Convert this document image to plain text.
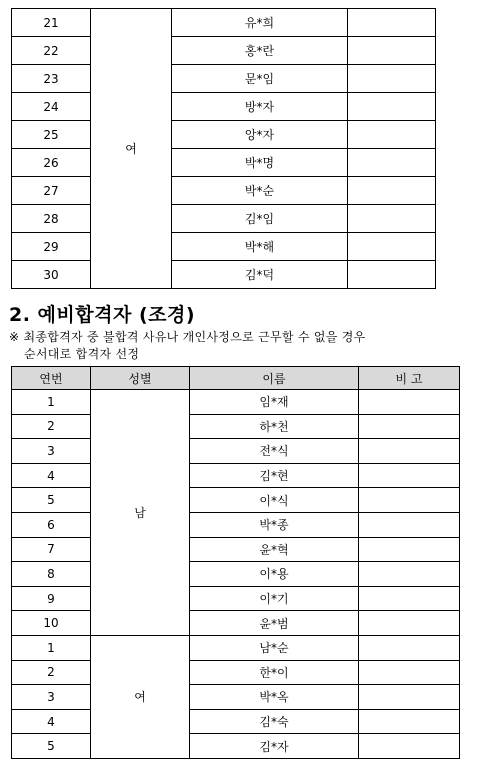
21	여	유*희	
22		홍*란	
23		문*임	
24		방*자	
25		앙*자	
26		박*명	
27		박*순	
28		김*임	
29		박*해	
30		김*덕	
2. 예비합격자 (조경)
※ 최종합격자 중 불합격 사유나 개인사정으로 근무할 수 없을 경우
순서대로 합격자 선정
연번	성별	이름	비 고
1	남	임*재	
2		하*천	
3		전*식	
4		김*현	
5		이*식	
6		박*종	
7		윤*혁	
8		이*용	
9		이*기	
10		윤*범	
1	여	남*순	
2		한*이	
3		박*옥	
4		김*숙	
5		김*자	
